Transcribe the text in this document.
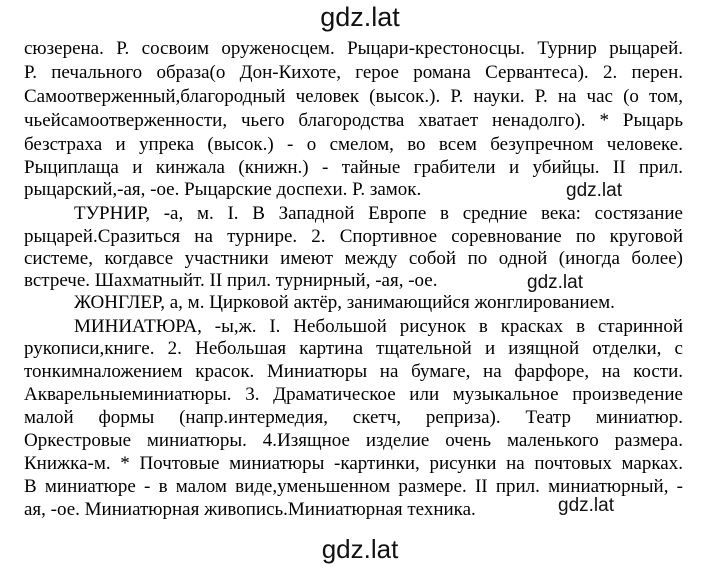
gdz.lat
сюзерена. Р. сосвоим оруженосцем. Рыцари-крестоносцы. Турнир рыцарей.
Р. печального образа(о Дон-Кихоте, герое романа Сервантеса). 2. перен.
Самоотверженный,благородный человек (высок.). Р. науки. Р. на час (о том,
чьейсамоотверженности, чьего благородства хватает ненадолго). * Рыцарь
безстраха и упрека (высок.) - о смелом, во всем безупречном человеке.
Рыциплаща и кинжала (книжн.) - тайные грабители и убийцы. II прил.
рыцарский,-ая, -ое. Рыцарские доспехи. Р. замок.
ТУРНИР, -а, м. I. В Западной Европе в средние века: состязание
рыцарей.Сразиться на турнире. 2. Спортивное соревнование по круговой
системе, когдавсе участники имеют между собой по одной (иногда более)
встрече. Шахматныйт. II прил. турнирный, -ая, -ое.
ЖОНГЛЕР, а, м. Цирковой актёр, занимающийся жонглированием.
МИНИАТЮРА, -ы,ж. I. Небольшой рисунок в красках в старинной
рукописи,книге. 2. Небольшая картина тщательной и изящной отделки, с
тонкимналожением красок. Миниатюры на бумаге, на фарфоре, на кости.
Акварельныеминиатюры. 3. Драматическое или музыкальное произведение
малой формы (напр.интермедия, скетч, реприза). Театр миниатюр.
Оркестровые миниатюры. 4.Изящное изделие очень маленького размера.
Книжка-м. * Почтовые миниатюры -картинки, рисунки на почтовых марках.
В миниатюре - в малом виде,уменьшенном размере. II прил. миниатюрный, -
ая, -ое. Миниатюрная живопись.Миниатюрная техника.
gdz.lat
gdz.lat
gdz.lat
gdz.lat
